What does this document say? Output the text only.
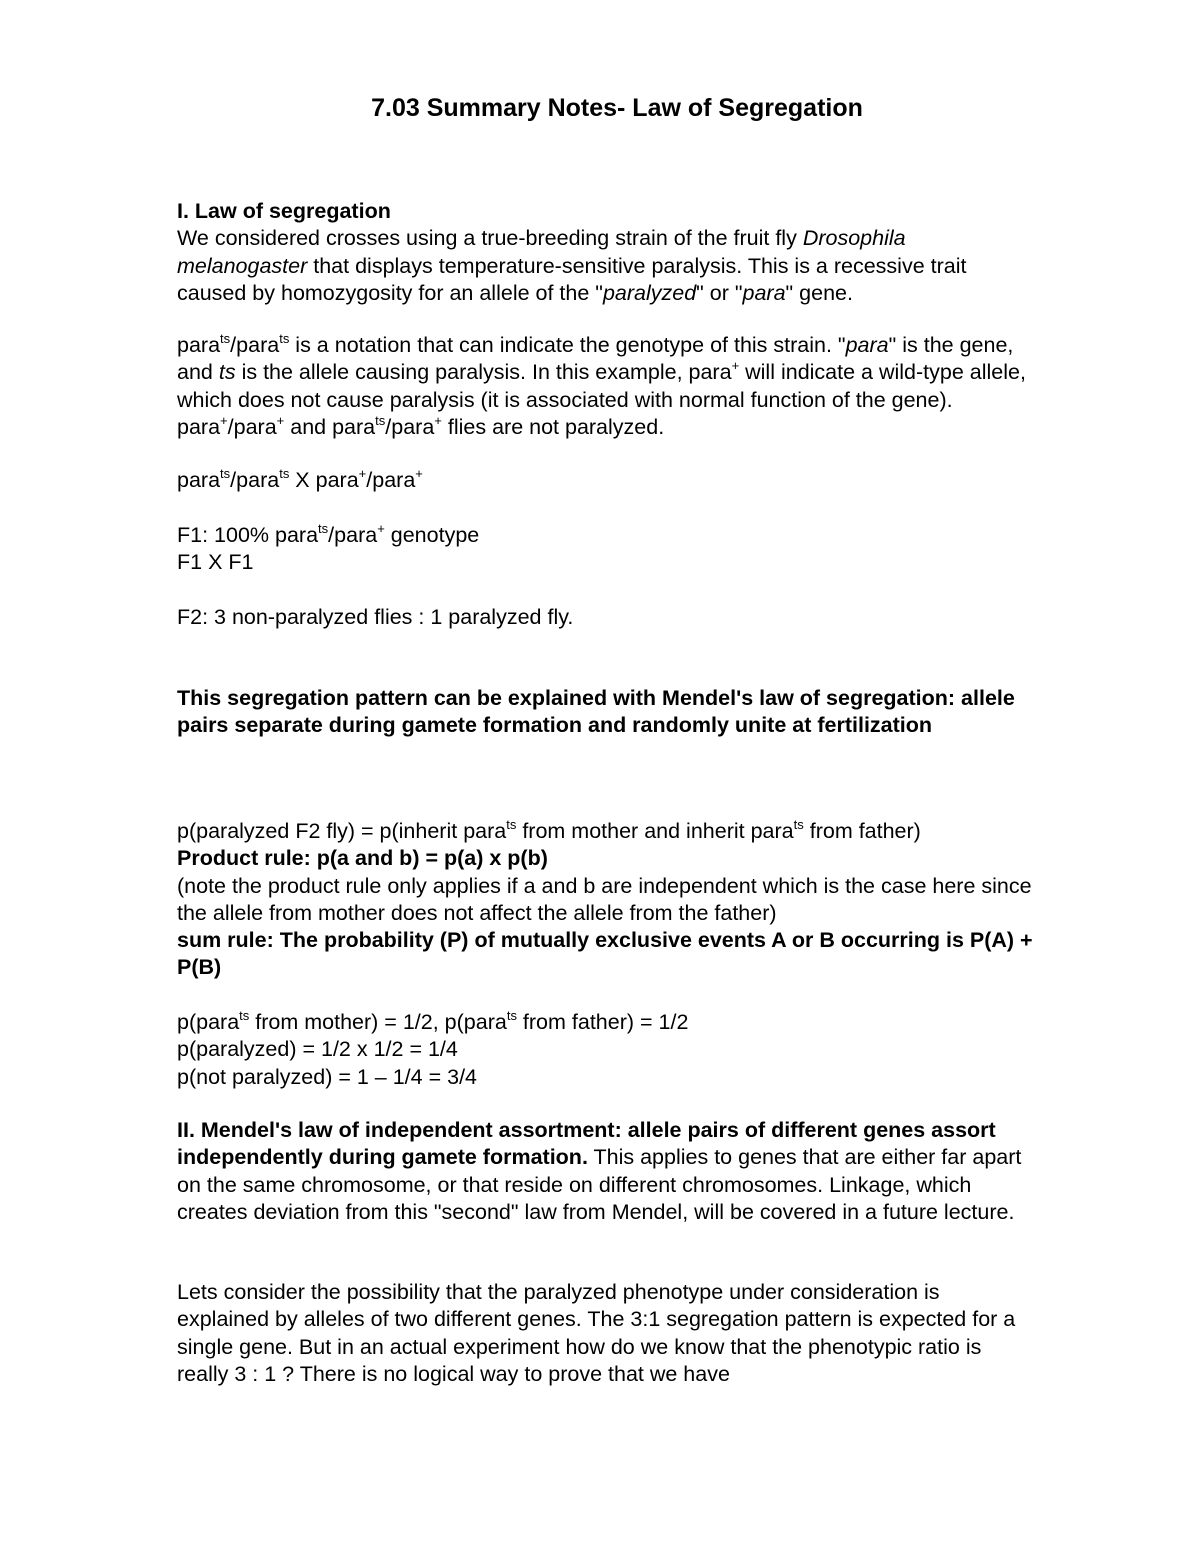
7.03 Summary Notes- Law of Segregation

I. Law of segregation

We considered crosses using a true-breeding strain of the fruit fly Drosophila melanogaster that displays temperature-sensitive paralysis. This is a recessive trait caused by homozygosity for an allele of the "paralyzed" or "para" gene.

para$^{ts}$/para$^{ts}$ is a notation that can indicate the genotype of this strain. "para" is the gene, and ts is the allele causing paralysis. In this example, para+ will indicate a wild-type allele, which does not cause paralysis (it is associated with normal function of the gene). para+/para+ and para$^{ts}$/para+ flies are not paralyzed.

para$^{ts}$/para$^{ts}$ X para+/para+

F1: 100% para$^{ts}$/para+ genotype

F1 X F1

F2: 3 non-paralyzed flies : 1 paralyzed fly.
This segregation pattern can be explained with Mendel's law of segregation: allele pairs separate during gamete formation and randomly unite at fertilization

p(paralyzed F2 fly) = p(inherit para$^{ts}$ from mother and inherit para$^{ts}$ from father)

Product rule: p(a and b) = p(a) x p(b)

(note the product rule only applies if a and b are independent which is the case here since the allele from mother does not affect the allele from the father)

sum rule: The probability (P) of mutually exclusive events A or B occurring is P(A) + P(B)

p(para$^{ts}$ from mother) = 1/2, p(para$^{ts}$ from father) = 1/2

p(paralyzed) = 1/2 x 1/2 = 1/4

p(not paralyzed) = 1 – 1/4 = 3/4

II. Mendel's law of independent assortment: allele pairs of different genes assort independently during gamete formation. This applies to genes that are either far apart on the same chromosome, or that reside on different chromosomes. Linkage, which creates deviation from this "second" law from Mendel, will be covered in a future lecture.

Lets consider the possibility that the paralyzed phenotype under consideration is explained by alleles of two different genes. The 3:1 segregation pattern is expected for a single gene. But in an actual experiment how do we know that the phenotypic ratio is really 3 : 1 ? There is no logical way to prove that we have
